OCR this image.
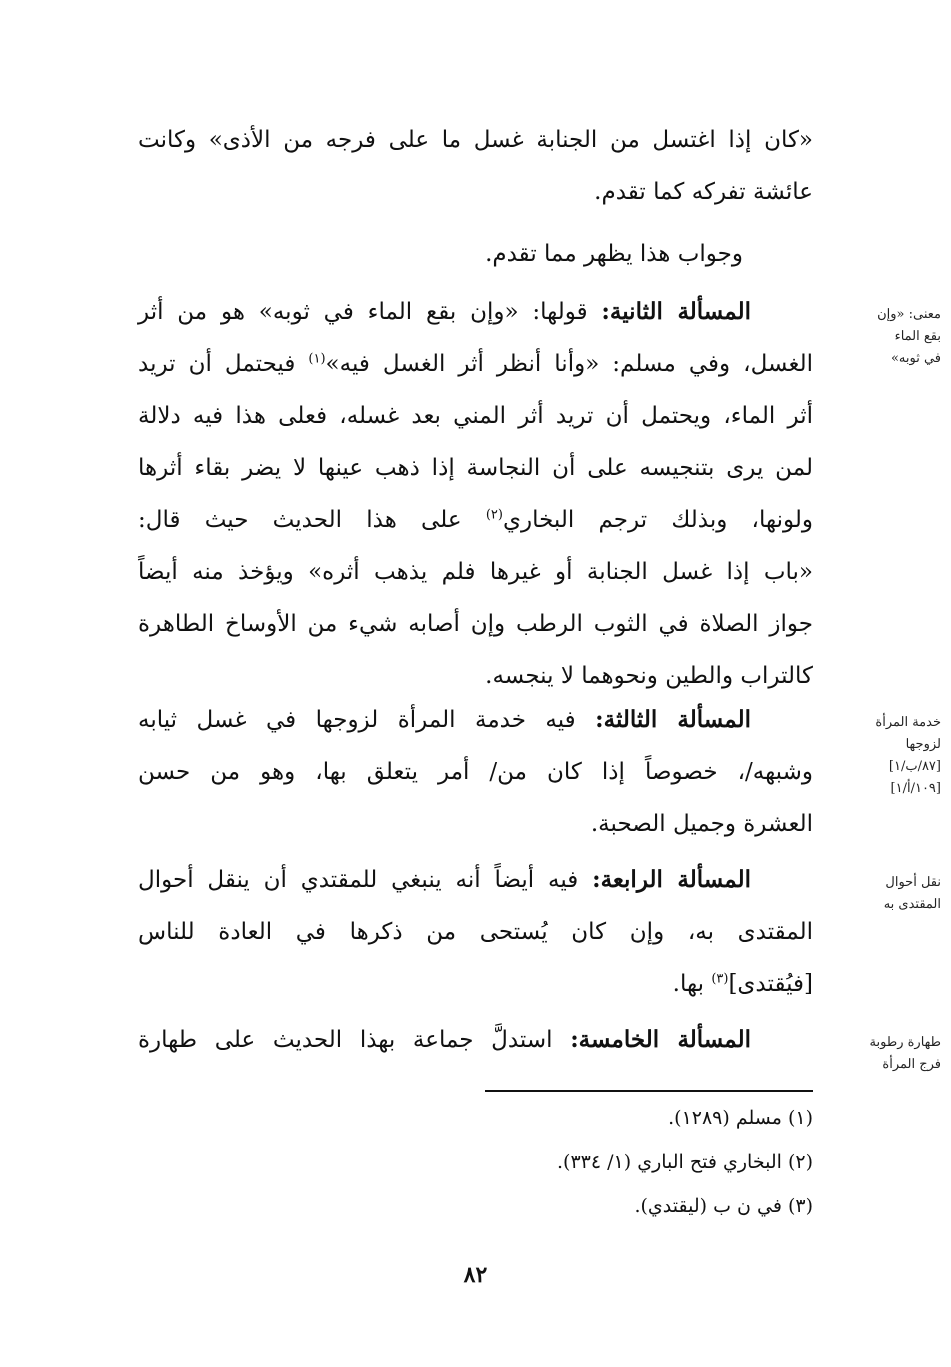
«كان إذا اغتسل من الجنابة غسل ما على فرجه من الأذى» وكانت
عائشة تفركه كما تقدم.
وجواب هذا يظهر مما تقدم.
معنى: «وإن
بقع الماء
في ثوبه»
المسألة الثانية: قولها: «وإن بقع الماء في ثوبه» هو من أثر
الغسل، وفي مسلم: «وأنا أنظر أثر الغسل فيه»$^{(١)}$ فيحتمل أن تريد
أثر الماء، ويحتمل أن تريد أثر المني بعد غسله، فعلى هذا فيه دلالة
لمن يرى بتنجيسه على أن النجاسة إذا ذهب عينها لا يضر بقاء أثرها
ولونها، وبذلك ترجم البخاري$^{(٢)}$ على هذا الحديث حيث قال:
«باب إذا غسل الجنابة أو غيرها فلم يذهب أثره» ويؤخذ منه أيضاً
جواز الصلاة في الثوب الرطب وإن أصابه شيء من الأوساخ الطاهرة
كالتراب والطين ونحوهما لا ينجسه.
خدمة المرأة
لزوجها
[٨٧/ب/١]
[١٠٩/أ/١]
المسألة الثالثة: فيه خدمة المرأة لزوجها في غسل ثيابه
وشبهه/، خصوصاً إذا كان من/ أمر يتعلق بها، وهو من حسن
العشرة وجميل الصحبة.
نقل أحوال
المقتدى به
المسألة الرابعة: فيه أيضاً أنه ينبغي للمقتدي أن ينقل أحوال
المقتدى به، وإن كان يُستحى من ذكرها في العادة للناس
[فيُقتدى]$^{(٣)}$ بها.
طهارة رطوبة
فرج المرأة
المسألة الخامسة: استدلَّ جماعة بهذا الحديث على طهارة
(١) مسلم (١٢٨٩).
(٢) البخاري فتح الباري (١/ ٣٣٤).
(٣) في ن ب (ليقتدي).
٨٢
